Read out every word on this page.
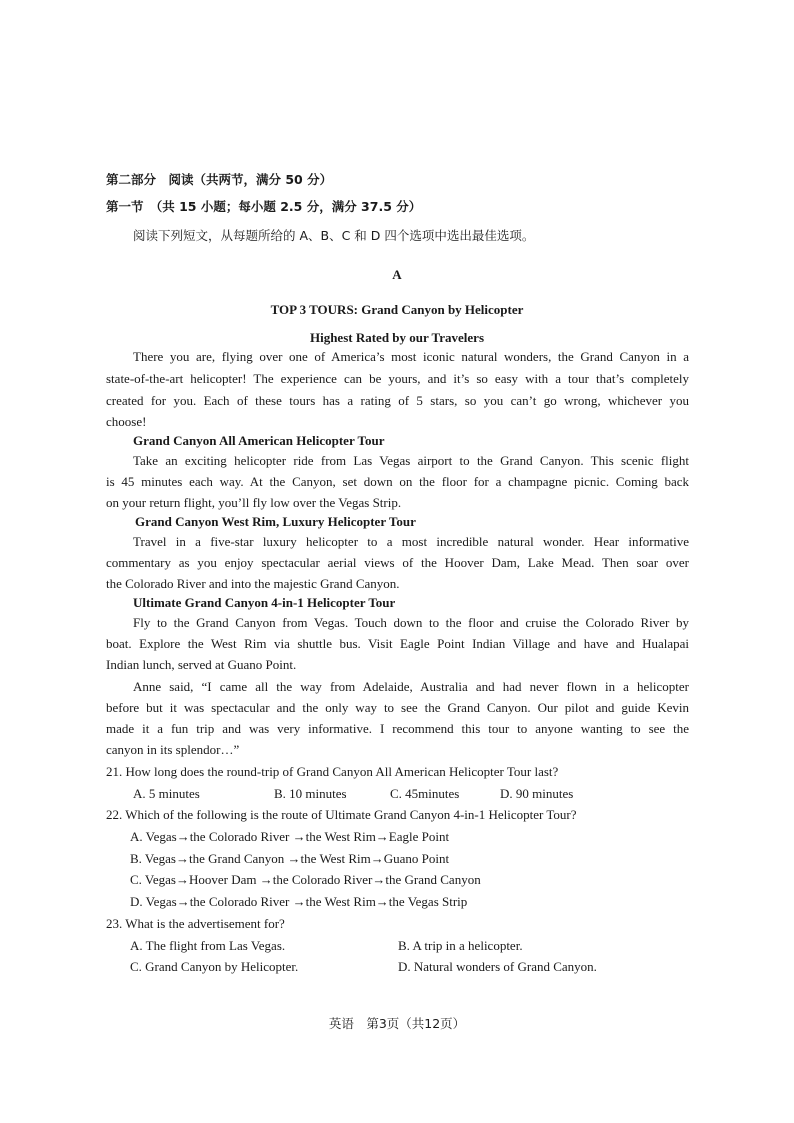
第二部分　阅读（共两节，满分 50 分）
第一节　（共 15 小题；每小题 2.5 分，满分 37.5 分）
阅读下列短文，从每题所给的 A、B、C 和 D 四个选项中选出最佳选项。
A
TOP 3 TOURS: Grand Canyon by Helicopter
Highest Rated by our Travelers
There you are, flying over one of America’s most iconic natural wonders, the Grand Canyon in a
state-of-the-art helicopter! The experience can be yours, and it’s so easy with a tour that’s completely
created for you. Each of these tours has a rating of 5 stars, so you can’t go wrong, whichever you
choose!
Grand Canyon All American Helicopter Tour
Take an exciting helicopter ride from Las Vegas airport to the Grand Canyon. This scenic flight
is 45 minutes each way. At the Canyon, set down on the floor for a champagne picnic. Coming back
on your return flight, you’ll fly low over the Vegas Strip.
Grand Canyon West Rim, Luxury Helicopter Tour
Travel in a five-star luxury helicopter to a most incredible natural wonder. Hear informative
commentary as you enjoy spectacular aerial views of the Hoover Dam, Lake Mead. Then soar over
the Colorado River and into the majestic Grand Canyon.
Ultimate Grand Canyon 4-in-1 Helicopter Tour
Fly to the Grand Canyon from Vegas. Touch down to the floor and cruise the Colorado River by
boat. Explore the West Rim via shuttle bus. Visit Eagle Point Indian Village and have and Hualapai
Indian lunch, served at Guano Point.
Anne said, “I came all the way from Adelaide, Australia and had never flown in a helicopter
before but it was spectacular and the only way to see the Grand Canyon. Our pilot and guide Kevin
made it a fun trip and was very informative. I recommend this tour to anyone wanting to see the
canyon in its splendor…”
21. How long does the round-trip of Grand Canyon All American Helicopter Tour last?
A. 5 minutes	B. 10 minutes	C. 45minutes	D. 90 minutes
22. Which of the following is the route of Ultimate Grand Canyon 4-in-1 Helicopter Tour?
A. Vegas→the Colorado River →the West Rim→Eagle Point
B. Vegas→the Grand Canyon →the West Rim→Guano Point
C. Vegas→Hoover Dam →the Colorado River→the Grand Canyon
D. Vegas→the Colorado River →the West Rim→the Vegas Strip
23. What is the advertisement for?
A. The flight from Las Vegas.	B. A trip in a helicopter.
C. Grand Canyon by Helicopter.	D. Natural wonders of Grand Canyon.
英语　第3页（共12页）
